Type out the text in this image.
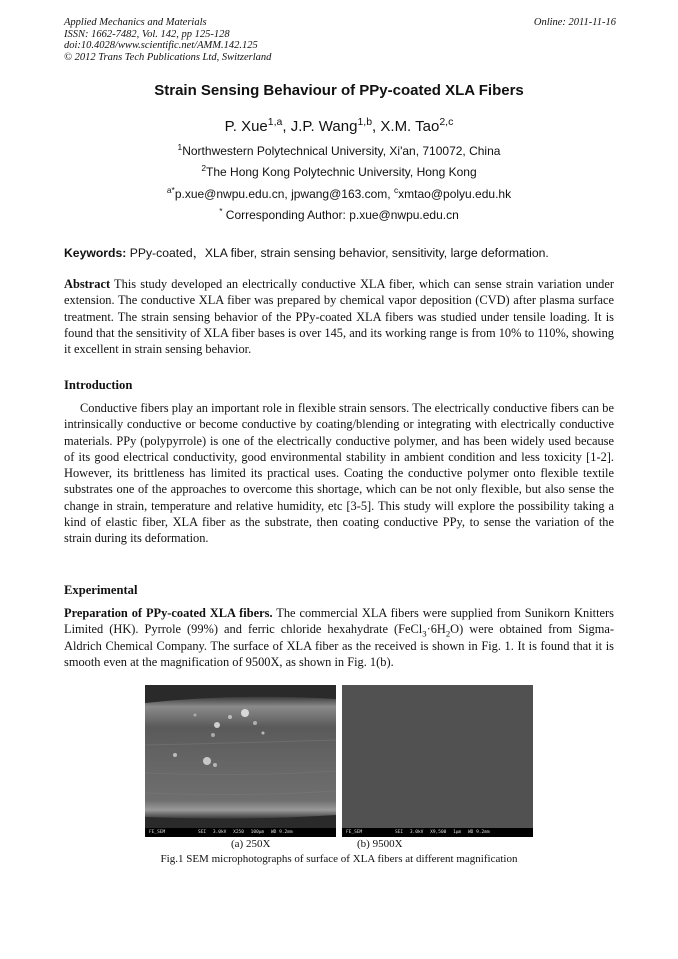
Applied Mechanics and Materials
ISSN: 1662-7482, Vol. 142, pp 125-128
doi:10.4028/www.scientific.net/AMM.142.125
© 2012 Trans Tech Publications Ltd, Switzerland
Online: 2011-11-16
Strain Sensing Behaviour of PPy-coated XLA Fibers
P. Xue$^{1,a}$, J.P. Wang$^{1,b}$, X.M. Tao$^{2,c}$
$^1$Northwestern Polytechnical University, Xi'an, 710072, China
$^2$The Hong Kong Polytechnic University, Hong Kong
$^{a*}$p.xue@nwpu.edu.cn, jpwang@163.com, $^c$xmtao@polyu.edu.hk
* Corresponding Author: p.xue@nwpu.edu.cn
Keywords: PPy-coated，XLA fiber, strain sensing behavior, sensitivity, large deformation.
Abstract This study developed an electrically conductive XLA fiber, which can sense strain variation under extension. The conductive XLA fiber was prepared by chemical vapor deposition (CVD) after plasma surface treatment. The strain sensing behavior of the PPy-coated XLA fibers was studied under tensile loading. It is found that the sensitivity of XLA fiber bases is over 145, and its working range is from 10% to 110%, showing it excellent in strain sensing behavior.
Introduction
Conductive fibers play an important role in flexible strain sensors. The electrically conductive fibers can be intrinsically conductive or become conductive by coating/blending or integrating with electrically conductive materials. PPy (polypyrrole) is one of the electrically conductive polymer, and has been widely used because of its good electrical conductivity, good environmental stability in ambient condition and less toxicity [1-2]. However, its brittleness has limited its practical uses. Coating the conductive polymer onto flexible textile substrates one of the approaches to overcome this shortage, which can be not only flexible, but also sense the change in strain, temperature and relative humidity, etc [3-5]. This study will explore the possibility taking a kind of elastic fiber, XLA fiber as the substrate, then coating conductive PPy, to sense the variation of the strain during its deformation.
Experimental
Preparation of PPy-coated XLA fibers. The commercial XLA fibers were supplied from Sunikorn Knitters Limited (HK). Pyrrole (99%) and ferric chloride hexahydrate $(FeCl_3\cdot 6H_2O)$ were obtained from Sigma-Aldrich Chemical Company. The surface of XLA fiber as the received is shown in Fig. 1. It is found that it is smooth even at the magnification of 9500X, as shown in Fig. 1(b).
FE_SEM	SEI 3.0kV X250 100μm WD 9.2mm	FE_SEM	SEI 3.0kV X9,500 1μm WD 9.2mm
(a) 250X	(b) 9500X
Fig.1 SEM microphotographs of surface of XLA fibers at different magnification
